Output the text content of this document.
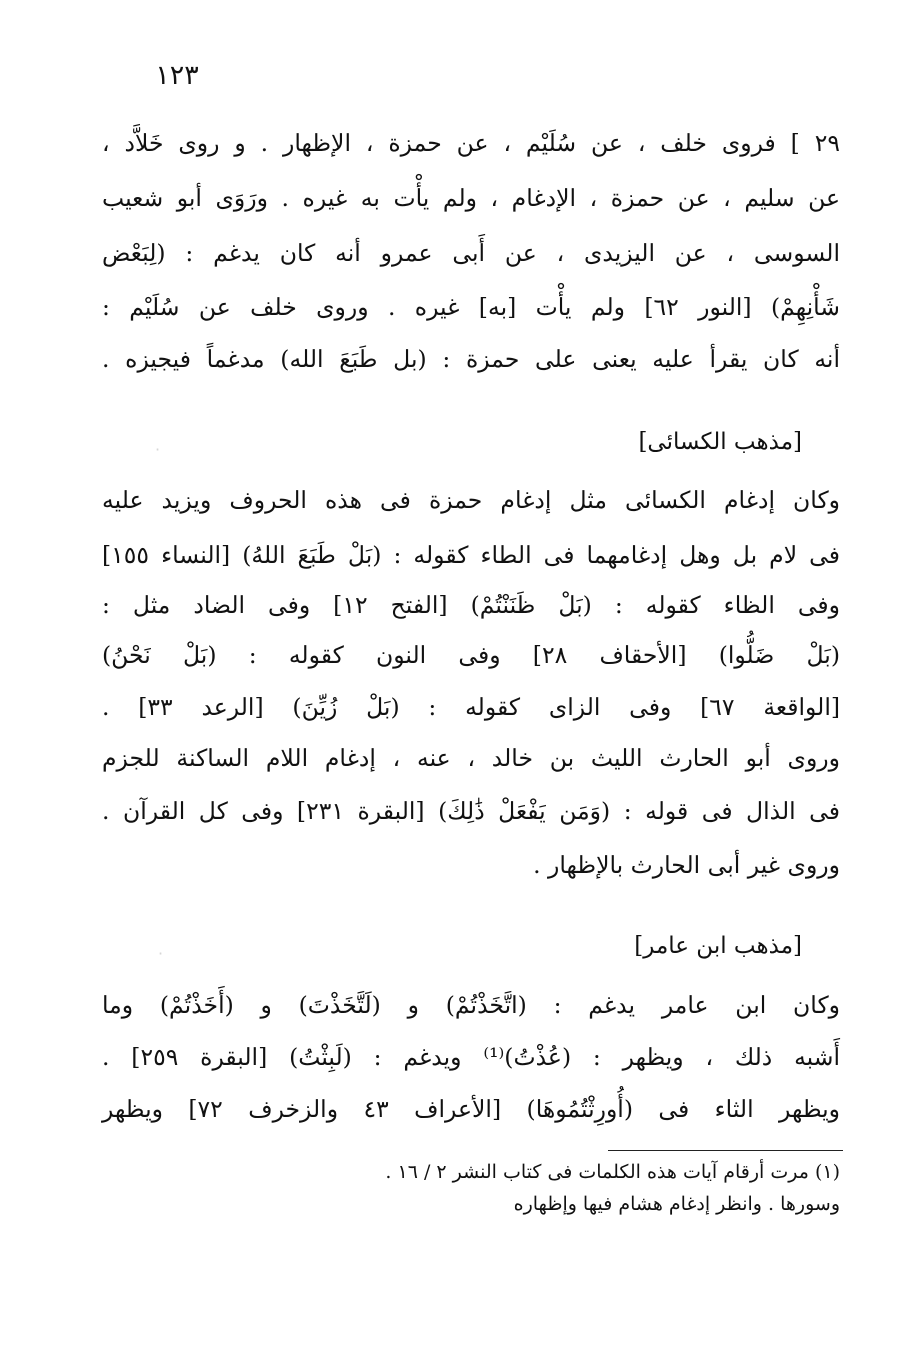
١٢٣
٢٩ ] فروى خلف ، عن سُلَيْم ، عن حمزة ، الإظهار . و روى خَلاَّد ،
عن سليم ، عن حمزة ، الإدغام ، ولم يأْت به غيره . ورَوَى أبو شعيب
السوسى ، عن اليزيدى ، عن أَبى عمرو أنه كان يدغم : (لِبَعْض
شَأْنِهِمْ) [النور ٦٢] ولم يأْت [به] غيره . وروى خلف عن سُلَيْم :
أنه كان يقرأ عليه يعنى على حمزة : (بل طَبَعَ الله) مدغماً فيجيزه .
[مذهب الكسائى]
وكان إدغام الكسائى مثل إدغام حمزة فى هذه الحروف ويزيد عليه
فى لام بل وهل إدغامهما فى الطاء كقوله : (بَلْ طَبَعَ اللهُ) [النساء ١٥٥]
وفى الظاء كقوله : (بَلْ ظَنَنْتُمْ) [الفتح ١٢] وفى الضاد مثل :
(بَلْ ضَلُّوا) [الأحقاف ٢٨] وفى النون كقوله : (بَلْ نَحْنُ)
[الواقعة ٦٧] وفى الزاى كقوله : (بَلْ زُيِّنَ) [الرعد ٣٣] .
وروى أبو الحارث الليث بن خالد ، عنه ، إدغام اللام الساكنة للجزم
فى الذال فى قوله : (وَمَن يَفْعَلْ ذَٰلِكَ) [البقرة ٢٣١] وفى كل القرآن .
وروى غير أبى الحارث بالإظهار .
[مذهب ابن عامر]
وكان ابن عامر يدغم : (اتَّخَذْتُمْ) و (لَتَّخَذْتَ) و (أَخَذْتُمْ) وما
أَشبه ذلك ، ويظهر : (عُذْتُ)⁽¹⁾ ويدغم : (لَبِثْتُ) [البقرة ٢٥٩] .
ويظهر الثاء فى (أُورِثْتُمُوهَا) [الأعراف ٤٣ والزخرف ٧٢] ويظهر
(١) مرت أرقام آيات هذه الكلمات فى كتاب النشر ٢ / ١٦ .
وسورها . وانظر إدغام هشام فيها وإظهاره
·
·
